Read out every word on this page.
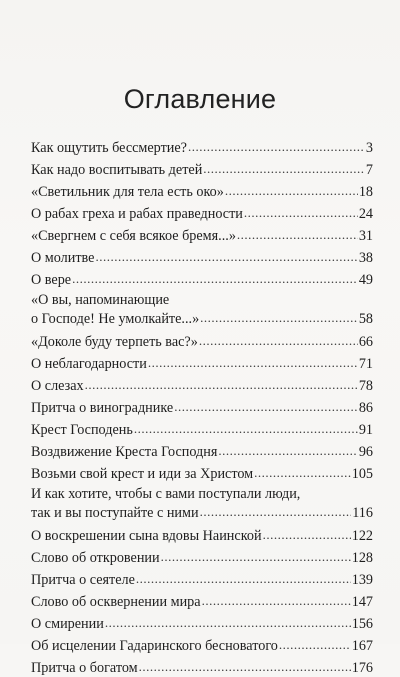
Оглавление
Как ощутить бессмертие? .....	3
Как надо воспитывать детей .....	7
«Светильник для тела есть око» .....	18
О рабах греха и рабах праведности .....	24
«Свергнем с себя всякое бремя...» .....	31
О молитве .....	38
О вере .....	49
«О вы, напоминающие
о Господе! Не умолкайте...» .....	58
«Доколе буду терпеть вас?» .....	66
О неблагодарности .....	71
О слезах .....	78
Притча о винограднике .....	86
Крест Господень .....	91
Воздвижение Креста Господня .....	96
Возьми свой крест и иди за Христом .....	105
И как хотите, чтобы с вами поступали люди,
так и вы поступайте с ними .....	116
О воскрешении сына вдовы Наинской .....	122
Слово об откровении .....	128
Притча о сеятеле .....	139
Слово об осквернении мира .....	147
О смирении .....	156
Об исцелении Гадаринского бесноватого .....	167
Притча о богатом .....	176
